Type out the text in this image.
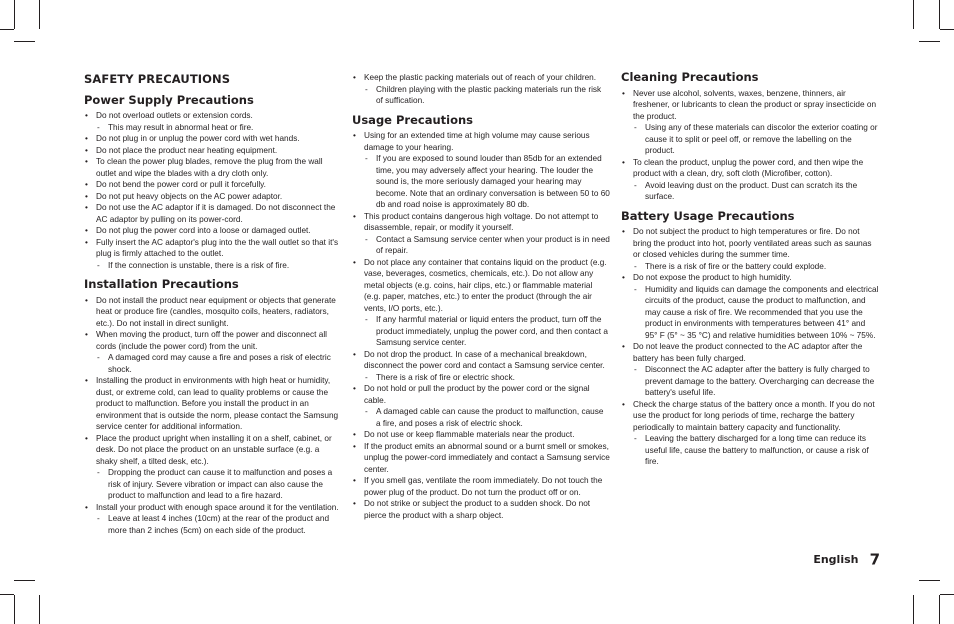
SAFETY PRECAUTIONS
Power Supply Precautions
• Do not overload outlets or extension cords.
- This may result in abnormal heat or fire.
• Do not plug in or unplug the power cord with wet hands.
• Do not place the product near heating equipment.
• To clean the power plug blades, remove the plug from the wall outlet and wipe the blades with a dry cloth only.
• Do not bend the power cord or pull it forcefully.
• Do not put heavy objects on the AC power adaptor.
• Do not use the AC adaptor if it is damaged. Do not disconnect the AC adaptor by pulling on its power-cord.
• Do not plug the power cord into a loose or damaged outlet.
• Fully insert the AC adaptor's plug into the the wall outlet so that it's plug is firmly attached to the outlet.
- If the connection is unstable, there is a risk of fire.
Installation Precautions
• Do not install the product near equipment or objects that generate heat or produce fire (candles, mosquito coils, heaters, radiators, etc.). Do not install in direct sunlight.
• When moving the product, turn off the power and disconnect all cords (include the power cord) from the unit.
- A damaged cord may cause a fire and poses a risk of electric shock.
• Installing the product in environments with high heat or humidity, dust, or extreme cold, can lead to quality problems or cause the product to malfunction. Before you install the product in an environment that is outside the norm, please contact the Samsung service center for additional information.
• Place the product upright when installing it on a shelf, cabinet, or desk. Do not place the product on an unstable surface (e.g. a shaky shelf, a tilted desk, etc.).
- Dropping the product can cause it to malfunction and poses a risk of injury. Severe vibration or impact can also cause the product to malfunction and lead to a fire hazard.
• Install your product with enough space around it for the ventilation.
- Leave at least 4 inches (10cm) at the rear of the product and more than 2 inches (5cm) on each side of the product.
• Keep the plastic packing materials out of reach of your children.
- Children playing with the plastic packing materials run the risk of suffication.
Usage Precautions
• Using for an extended time at high volume may cause serious damage to your hearing.
- If you are exposed to sound louder than 85db for an extended time, you may adversely affect your hearing. The louder the sound is, the more seriously damaged your hearing may become. Note that an ordinary conversation is between 50 to 60 db and road noise is approximately 80 db.
• This product contains dangerous high voltage. Do not attempt to disassemble, repair, or modify it yourself.
- Contact a Samsung service center when your product is in need of repair.
• Do not place any container that contains liquid on the product (e.g. vase, beverages, cosmetics, chemicals, etc.). Do not allow any metal objects (e.g. coins, hair clips, etc.) or flammable material (e.g. paper, matches, etc.) to enter the product (through the air vents, I/O ports, etc.).
- If any harmful material or liquid enters the product, turn off the product immediately, unplug the power cord, and then contact a Samsung service center.
• Do not drop the product. In case of a mechanical breakdown, disconnect the power cord and contact a Samsung service center.
- There is a risk of fire or electric shock.
• Do not hold or pull the product by the power cord or the signal cable.
- A damaged cable can cause the product to malfunction, cause a fire, and poses a risk of electric shock.
• Do not use or keep flammable materials near the product.
• If the product emits an abnormal sound or a burnt smell or smokes, unplug the power-cord immediately and contact a Samsung service center.
• If you smell gas, ventilate the room immediately. Do not touch the power plug of the product. Do not turn the product off or on.
• Do not strike or subject the product to a sudden shock. Do not pierce the product with a sharp object.
Cleaning Precautions
• Never use alcohol, solvents, waxes, benzene, thinners, air freshener, or lubricants to clean the product or spray insecticide on the product.
- Using any of these materials can discolor the exterior coating or cause it to split or peel off, or remove the labelling on the product.
• To clean the product, unplug the power cord, and then wipe the product with a clean, dry, soft cloth (Microfiber, cotton).
- Avoid leaving dust on the product. Dust can scratch its the surface.
Battery Usage Precautions
• Do not subject the product to high temperatures or fire. Do not bring the product into hot, poorly ventilated areas such as saunas or closed vehicles during the summer time.
- There is a risk of fire or the battery could explode.
• Do not expose the product to high humidity.
- Humidity and liquids can damage the components and electrical circuits of the product, cause the product to malfunction, and may cause a risk of fire. We recommended that you use the product in environments with temperatures between 41° and 95° F (5° ~ 35 °C) and relative humidities between 10% ~ 75%.
• Do not leave the product connected to the AC adaptor after the battery has been fully charged.
- Disconnect the AC adapter after the battery is fully charged to prevent damage to the battery. Overcharging can decrease the battery's useful life.
• Check the charge status of the battery once a month. If you do not use the product for long periods of time, recharge the battery periodically to maintain battery capacity and functionality.
- Leaving the battery discharged for a long time can reduce its useful life, cause the battery to malfunction, or cause a risk of fire.
English 7
